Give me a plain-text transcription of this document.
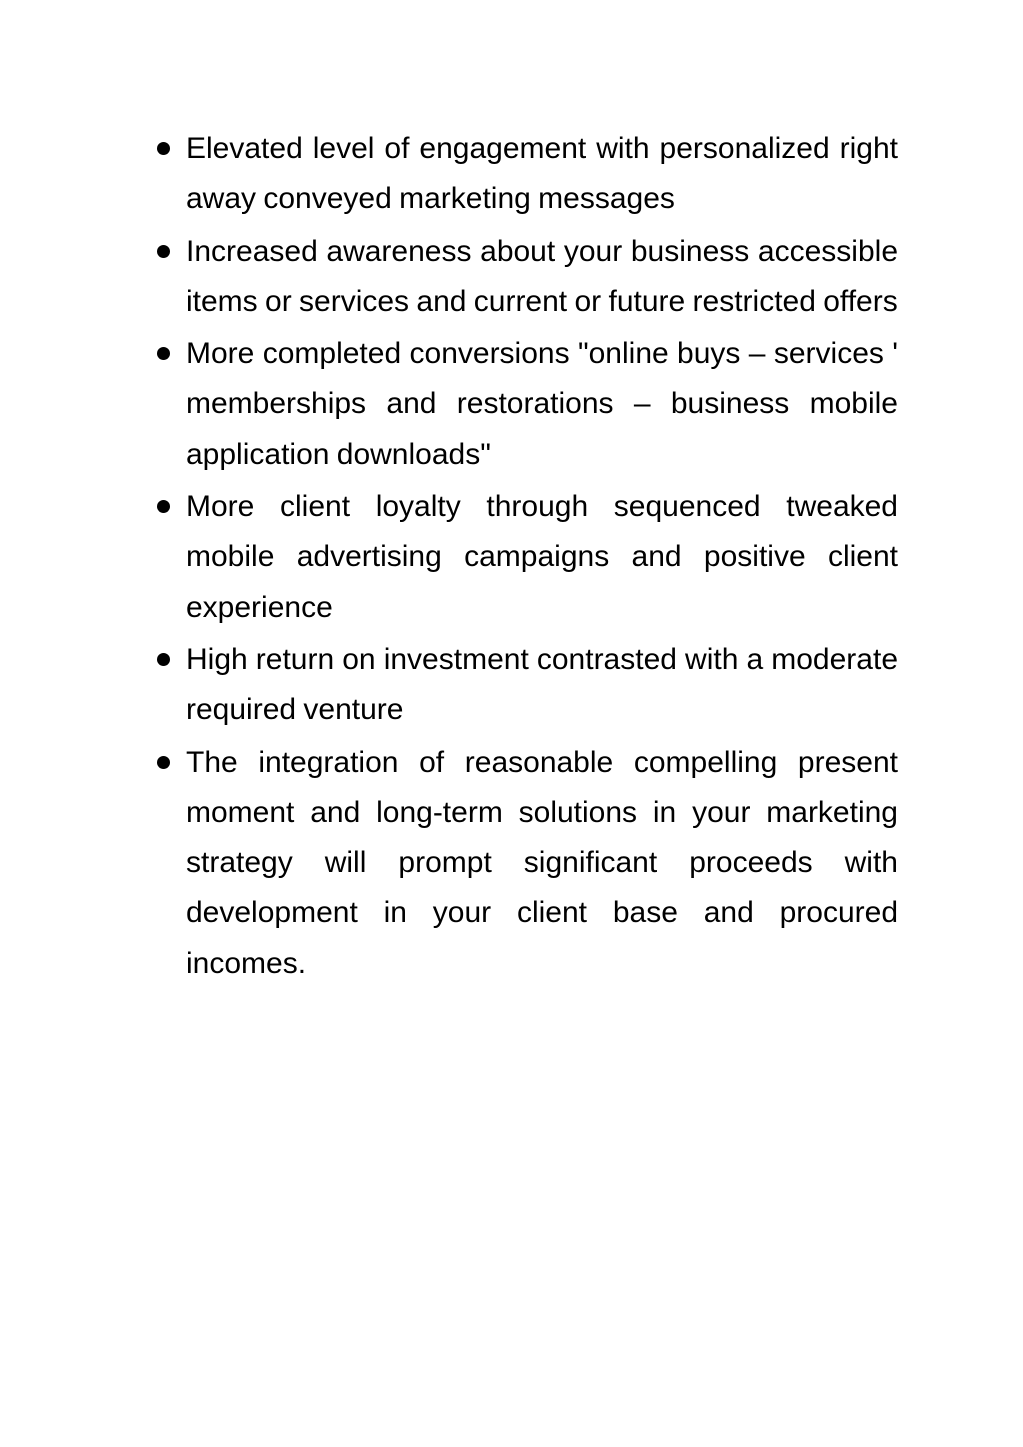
Elevated level of engagement with personalized right away conveyed marketing messages
Increased awareness about your business accessible items or services and current or future restricted offers
More completed conversions "online buys – services ' memberships and restorations – business mobile application downloads"
More client loyalty through sequenced tweaked mobile advertising campaigns and positive client experience
High return on investment contrasted with a moderate required venture
The integration of reasonable compelling present moment and long-term solutions in your marketing strategy will prompt significant proceeds with development in your client base and procured incomes.
